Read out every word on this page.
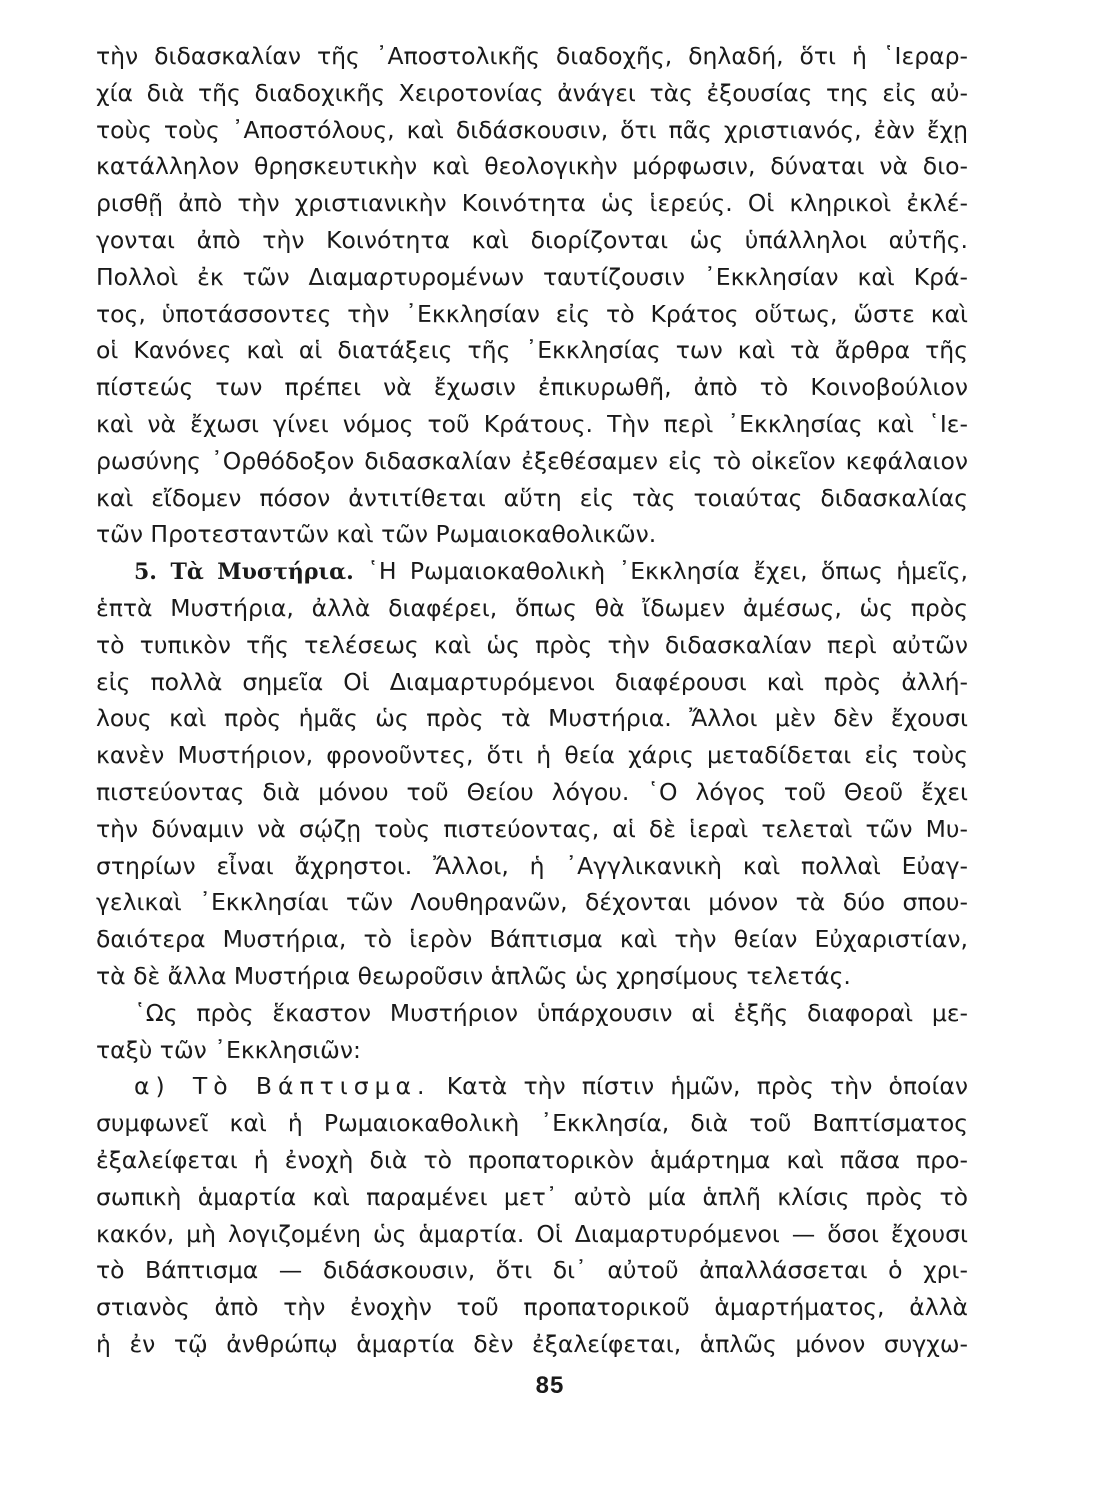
τὴν διδασκαλίαν τῆς ᾿Αποστολικῆς διαδοχῆς, δηλαδή, ὅτι ἡ ῾Ιεραρ-
χία διὰ τῆς διαδοχικῆς Χειροτονίας ἀνάγει τὰς ἐξουσίας της εἰς αὐ-
τοὺς τοὺς ᾿Αποστόλους, καὶ διδάσκουσιν, ὅτι πᾶς χριστιανός, ἐὰν ἔχῃ
κατάλληλον θρησκευτικὴν καὶ θεολογικὴν μόρφωσιν, δύναται νὰ διο-
ρισθῇ ἀπὸ τὴν χριστιανικὴν Κοινότητα ὡς ἱερεύς. Οἱ κληρικοὶ ἐκλέ-
γονται ἀπὸ τὴν Κοινότητα καὶ διορίζονται ὡς ὑπάλληλοι αὐτῆς.
Πολλοὶ ἐκ τῶν Διαμαρτυρομένων ταυτίζουσιν ᾿Εκκλησίαν καὶ Κρά-
τος, ὑποτάσσοντες τὴν ᾿Εκκλησίαν εἰς τὸ Κράτος οὕτως, ὥστε καὶ
οἱ Κανόνες καὶ αἱ διατάξεις τῆς ᾿Εκκλησίας των καὶ τὰ ἄρθρα τῆς
πίστεώς των πρέπει νὰ ἔχωσιν ἐπικυρωθῆ, ἀπὸ τὸ Κοινοβούλιον
καὶ νὰ ἔχωσι γίνει νόμος τοῦ Κράτους. Τὴν περὶ ᾿Εκκλησίας καὶ ῾Ιε-
ρωσύνης ᾿Ορθόδοξον διδασκαλίαν ἐξεθέσαμεν εἰς τὸ οἰκεῖον κεφάλαιον
καὶ εἴδομεν πόσον ἀντιτίθεται αὕτη εἰς τὰς τοιαύτας διδασκαλίας
τῶν Προτεσταντῶν καὶ τῶν Ρωμαιοκαθολικῶν.
5. Τὰ Μυστήρια. ῾Η Ρωμαιοκαθολικὴ ᾿Εκκλησία ἔχει, ὅπως ἡμεῖς,
ἑπτὰ Μυστήρια, ἀλλὰ διαφέρει, ὅπως θὰ ἴδωμεν ἀμέσως, ὡς πρὸς
τὸ τυπικὸν τῆς τελέσεως καὶ ὡς πρὸς τὴν διδασκαλίαν περὶ αὐτῶν
εἰς πολλὰ σημεῖα Οἱ Διαμαρτυρόμενοι διαφέρουσι καὶ πρὸς ἀλλή-
λους καὶ πρὸς ἡμᾶς ὡς πρὸς τὰ Μυστήρια. Ἄλλοι μὲν δὲν ἔχουσι
κανὲν Μυστήριον, φρονοῦντες, ὅτι ἡ θεία χάρις μεταδίδεται εἰς τοὺς
πιστεύοντας διὰ μόνου τοῦ Θείου λόγου. ῾Ο λόγος τοῦ Θεοῦ ἔχει
τὴν δύναμιν νὰ σῴζῃ τοὺς πιστεύοντας, αἱ δὲ ἱεραὶ τελεταὶ τῶν Μυ-
στηρίων εἶναι ἄχρηστοι. Ἄλλοι, ἡ ᾿Αγγλικανικὴ καὶ πολλαὶ Εὐαγ-
γελικαὶ ᾿Εκκλησίαι τῶν Λουθηρανῶν, δέχονται μόνον τὰ δύο σπου-
δαιότερα Μυστήρια, τὸ ἱερὸν Βάπτισμα καὶ τὴν θείαν Εὐχαριστίαν,
τὰ δὲ ἄλλα Μυστήρια θεωροῦσιν ἁπλῶς ὡς χρησίμους τελετάς.
῾Ως πρὸς ἕκαστον Μυστήριον ὑπάρχουσιν αἱ ἑξῆς διαφοραὶ με-
ταξὺ τῶν ᾿Εκκλησιῶν:
α) Τὸ Βάπτισμα. Κατὰ τὴν πίστιν ἡμῶν, πρὸς τὴν ὁποίαν
συμφωνεῖ καὶ ἡ Ρωμαιοκαθολικὴ ᾿Εκκλησία, διὰ τοῦ Βαπτίσματος
ἐξαλείφεται ἡ ἐνοχὴ διὰ τὸ προπατορικὸν ἁμάρτημα καὶ πᾶσα προ-
σωπικὴ ἁμαρτία καὶ παραμένει μετ᾿ αὐτὸ μία ἁπλῆ κλίσις πρὸς τὸ
κακόν, μὴ λογιζομένη ὡς ἁμαρτία. Οἱ Διαμαρτυρόμενοι — ὅσοι ἔχουσι
τὸ Βάπτισμα — διδάσκουσιν, ὅτι δι᾿ αὐτοῦ ἀπαλλάσσεται ὁ χρι-
στιανὸς ἀπὸ τὴν ἐνοχὴν τοῦ προπατορικοῦ ἁμαρτήματος, ἀλλὰ
ἡ ἐν τῷ ἀνθρώπῳ ἁμαρτία δὲν ἐξαλείφεται, ἁπλῶς μόνον συγχω-
85
